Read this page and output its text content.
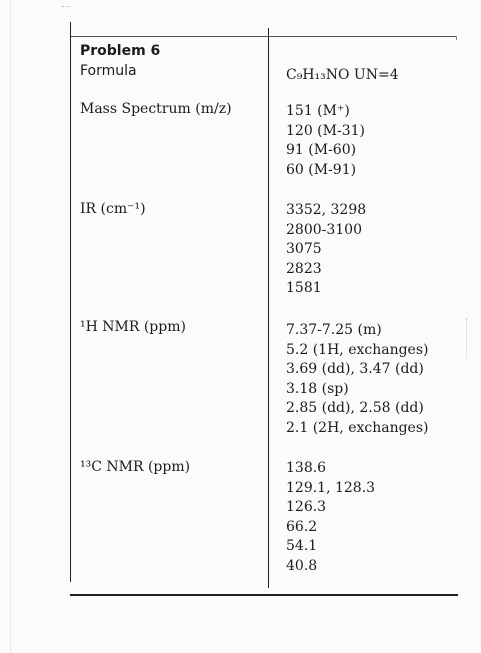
Problem 6
Formula	C₉H₁₃NO UN=4
Mass Spectrum (m/z)	151 (M⁺)
120 (M-31)
91 (M-60)
60 (M-91)
IR (cm⁻¹)	3352, 3298
2800-3100
3075
2823
1581
¹H NMR (ppm)	7.37-7.25 (m)
5.2 (1H, exchanges)
3.69 (dd), 3.47 (dd)
3.18 (sp)
2.85 (dd), 2.58 (dd)
2.1 (2H, exchanges)
¹³C NMR (ppm)	138.6
129.1, 128.3
126.3
66.2
54.1
40.8
